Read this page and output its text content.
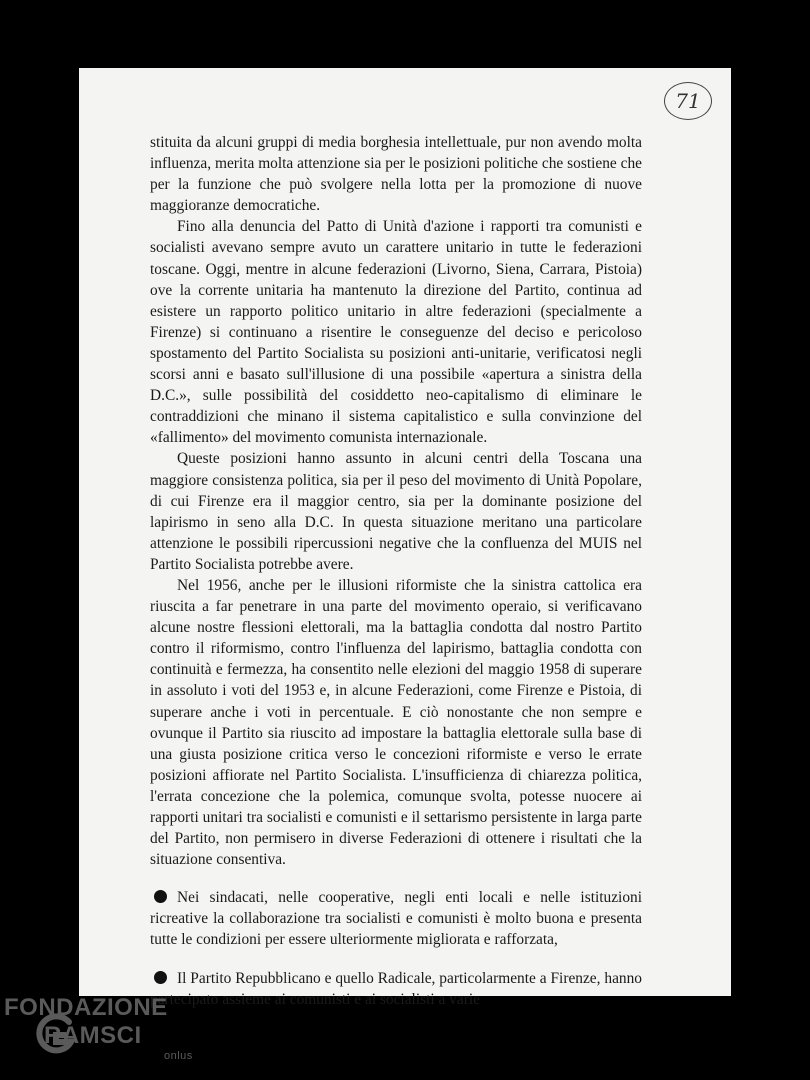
71

stituita da alcuni gruppi di media borghesia intellettuale, pur non avendo molta influenza, merita molta attenzione sia per le posizioni politiche che sostiene che per la funzione che può svolgere nella lotta per la promozione di nuove maggioranze democratiche.

Fino alla denuncia del Patto di Unità d'azione i rapporti tra comunisti e socialisti avevano sempre avuto un carattere unitario in tutte le federazioni toscane. Oggi, mentre in alcune federazioni (Livorno, Siena, Carrara, Pistoia) ove la corrente unitaria ha mantenuto la direzione del Partito, continua ad esistere un rapporto politico unitario in altre federazioni (specialmente a Firenze) si continuano a risentire le conseguenze del deciso e pericoloso spostamento del Partito Socialista su posizioni anti-unitarie, verificatosi negli scorsi anni e basato sull'illusione di una possibile «apertura a sinistra della D.C.», sulle possibilità del cosiddetto neo-capitalismo di eliminare le contraddizioni che minano il sistema capitalistico e sulla convinzione del «fallimento» del movimento comunista internazionale.

Queste posizioni hanno assunto in alcuni centri della Toscana una maggiore consistenza politica, sia per il peso del movimento di Unità Popolare, di cui Firenze era il maggior centro, sia per la dominante posizione del lapirismo in seno alla D.C. In questa situazione meritano una particolare attenzione le possibili ripercussioni negative che la confluenza del MUIS nel Partito Socialista potrebbe avere.

Nel 1956, anche per le illusioni riformiste che la sinistra cattolica era riuscita a far penetrare in una parte del movimento operaio, si verificavano alcune nostre flessioni elettorali, ma la battaglia condotta dal nostro Partito contro il riformismo, contro l'influenza del lapirismo, battaglia condotta con continuità e fermezza, ha consentito nelle elezioni del maggio 1958 di superare in assoluto i voti del 1953 e, in alcune Federazioni, come Firenze e Pistoia, di superare anche i voti in percentuale. E ciò nonostante che non sempre e ovunque il Partito sia riuscito ad impostare la battaglia elettorale sulla base di una giusta posizione critica verso le concezioni riformiste e verso le errate posizioni affiorate nel Partito Socialista. L'insufficienza di chiarezza politica, l'errata concezione che la polemica, comunque svolta, potesse nuocere ai rapporti unitari tra socialisti e comunisti e il settarismo persistente in larga parte del Partito, non permisero in diverse Federazioni di ottenere i risultati che la situazione consentiva.

Nei sindacati, nelle cooperative, negli enti locali e nelle istituzioni ricreative la collaborazione tra socialisti e comunisti è molto buona e presenta tutte le condizioni per essere ulteriormente migliorata e rafforzata,

Il Partito Repubblicano e quello Radicale, particolarmente a Firenze, hanno partecipato assieme ai comunisti e ai socialisti a varie

FONDAZIONE
RAMSCI
onlus
